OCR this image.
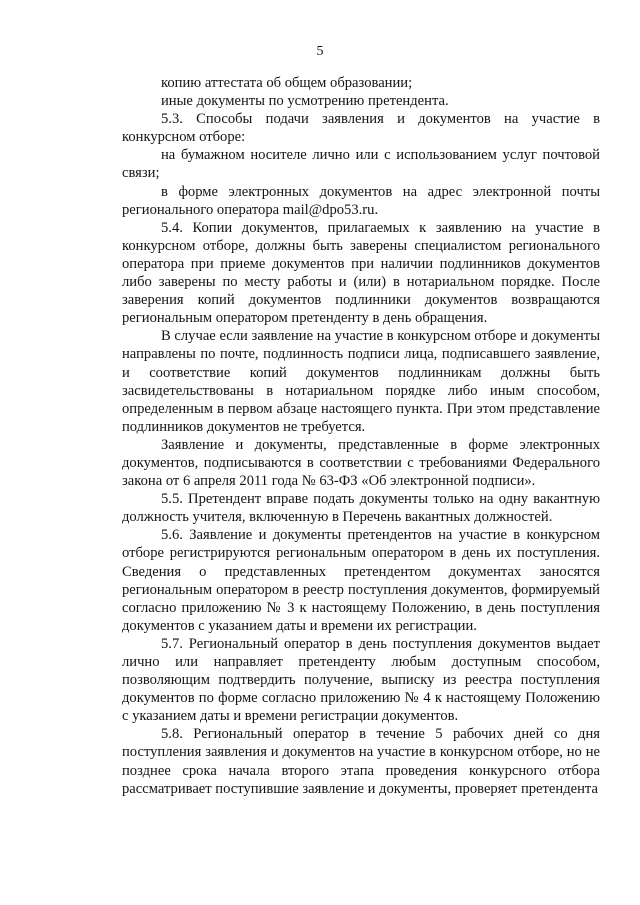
5

копию аттестата об общем образовании;

иные документы по усмотрению претендента.

5.3. Способы подачи заявления и документов на участие в конкурсном отборе:

на бумажном носителе лично или с использованием услуг почтовой связи;

в форме электронных документов на адрес электронной почты регионального оператора mail@dpo53.ru.

5.4. Копии документов, прилагаемых к заявлению на участие в конкурсном отборе, должны быть заверены специалистом регионального оператора при приеме документов при наличии подлинников документов либо заверены по месту работы и (или) в нотариальном порядке. После заверения копий документов подлинники документов возвращаются региональным оператором претенденту в день обращения.

В случае если заявление на участие в конкурсном отборе и документы направлены по почте, подлинность подписи лица, подписавшего заявление, и соответствие копий документов подлинникам должны быть засвидетельствованы в нотариальном порядке либо иным способом, определенным в первом абзаце настоящего пункта. При этом представление подлинников документов не требуется.

Заявление и документы, представленные в форме электронных документов, подписываются в соответствии с требованиями Федерального закона от 6 апреля 2011 года № 63-ФЗ «Об электронной подписи».

5.5. Претендент вправе подать документы только на одну вакантную должность учителя, включенную в Перечень вакантных должностей.

5.6. Заявление и документы претендентов на участие в конкурсном отборе регистрируются региональным оператором в день их поступления. Сведения о представленных претендентом документах заносятся региональным оператором в реестр поступления документов, формируемый согласно приложению № 3 к настоящему Положению, в день поступления документов с указанием даты и времени их регистрации.

5.7. Региональный оператор в день поступления документов выдает лично или направляет претенденту любым доступным способом, позволяющим подтвердить получение, выписку из реестра поступления документов по форме согласно приложению № 4 к настоящему Положению с указанием даты и времени регистрации документов.

5.8. Региональный оператор в течение 5 рабочих дней со дня поступления заявления и документов на участие в конкурсном отборе, но не позднее срока начала второго этапа проведения конкурсного отбора рассматривает поступившие заявление и документы, проверяет претендента
